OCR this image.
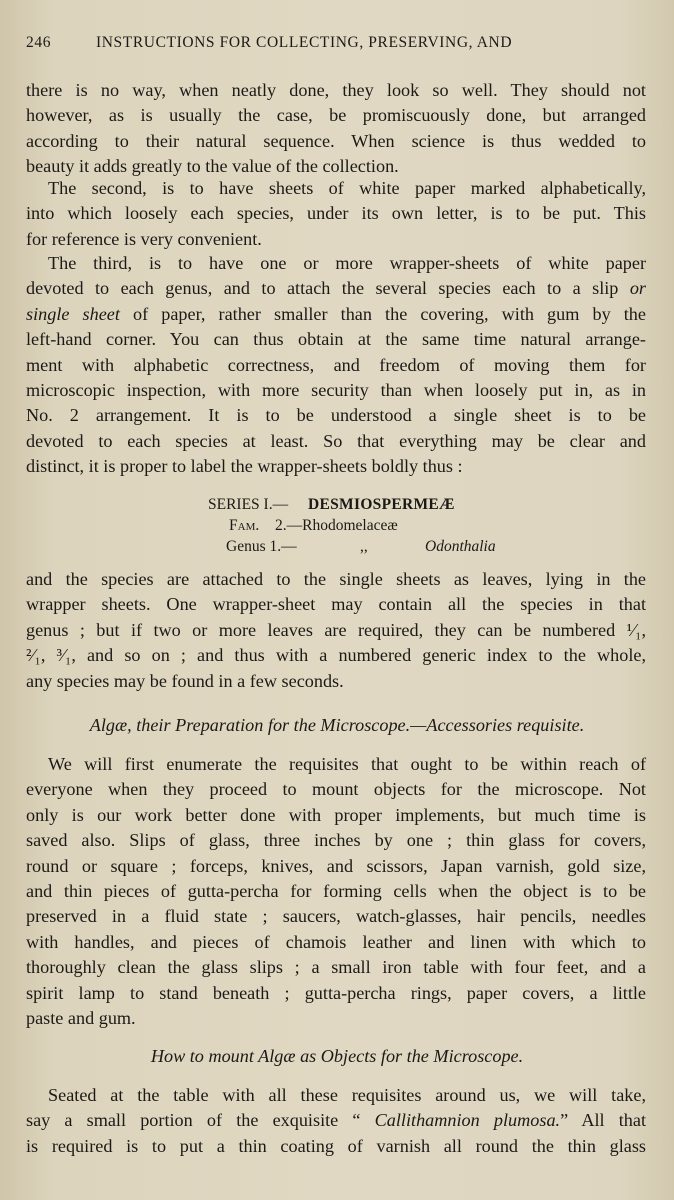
246	INSTRUCTIONS FOR COLLECTING, PRESERVING, AND
there is no way, when neatly done, they look so well. They should not
however, as is usually the case, be promiscuously done, but arranged
according to their natural sequence. When science is thus wedded to
beauty it adds greatly to the value of the collection.
The second, is to have sheets of white paper marked alphabetically,
into which loosely each species, under its own letter, is to be put. This
for reference is very convenient.
The third, is to have one or more wrapper-sheets of white paper
devoted to each genus, and to attach the several species each to a slip or
single sheet of paper, rather smaller than the covering, with gum by the
left-hand corner. You can thus obtain at the same time natural arrange-
ment with alphabetic correctness, and freedom of moving them for
microscopic inspection, with more security than when loosely put in, as in
No. 2 arrangement. It is to be understood a single sheet is to be
devoted to each species at least. So that everything may be clear and
distinct, it is proper to label the wrapper-sheets boldly thus :
SERIES I.— DESMIOSPERMEÆ
Fam. 2.—Rhodomelaceæ
Genus 1.—	,,	Odonthalia
and the species are attached to the single sheets as leaves, lying in the
wrapper sheets. One wrapper-sheet may contain all the species in that
genus ; but if two or more leaves are required, they can be numbered ¹⁄₁,
²⁄₁, ³⁄₁, and so on ; and thus with a numbered generic index to the whole,
any species may be found in a few seconds.
Algæ, their Preparation for the Microscope.—Accessories requisite.
We will first enumerate the requisites that ought to be within reach of
everyone when they proceed to mount objects for the microscope. Not
only is our work better done with proper implements, but much time is
saved also. Slips of glass, three inches by one ; thin glass for covers,
round or square ; forceps, knives, and scissors, Japan varnish, gold size,
and thin pieces of gutta-percha for forming cells when the object is to be
preserved in a fluid state ; saucers, watch-glasses, hair pencils, needles
with handles, and pieces of chamois leather and linen with which to
thoroughly clean the glass slips ; a small iron table with four feet, and a
spirit lamp to stand beneath ; gutta-percha rings, paper covers, a little
paste and gum.
How to mount Algæ as Objects for the Microscope.
Seated at the table with all these requisites around us, we will take,
say a small portion of the exquisite “ Callithamnion plumosa.” All that
is required is to put a thin coating of varnish all round the thin glass
